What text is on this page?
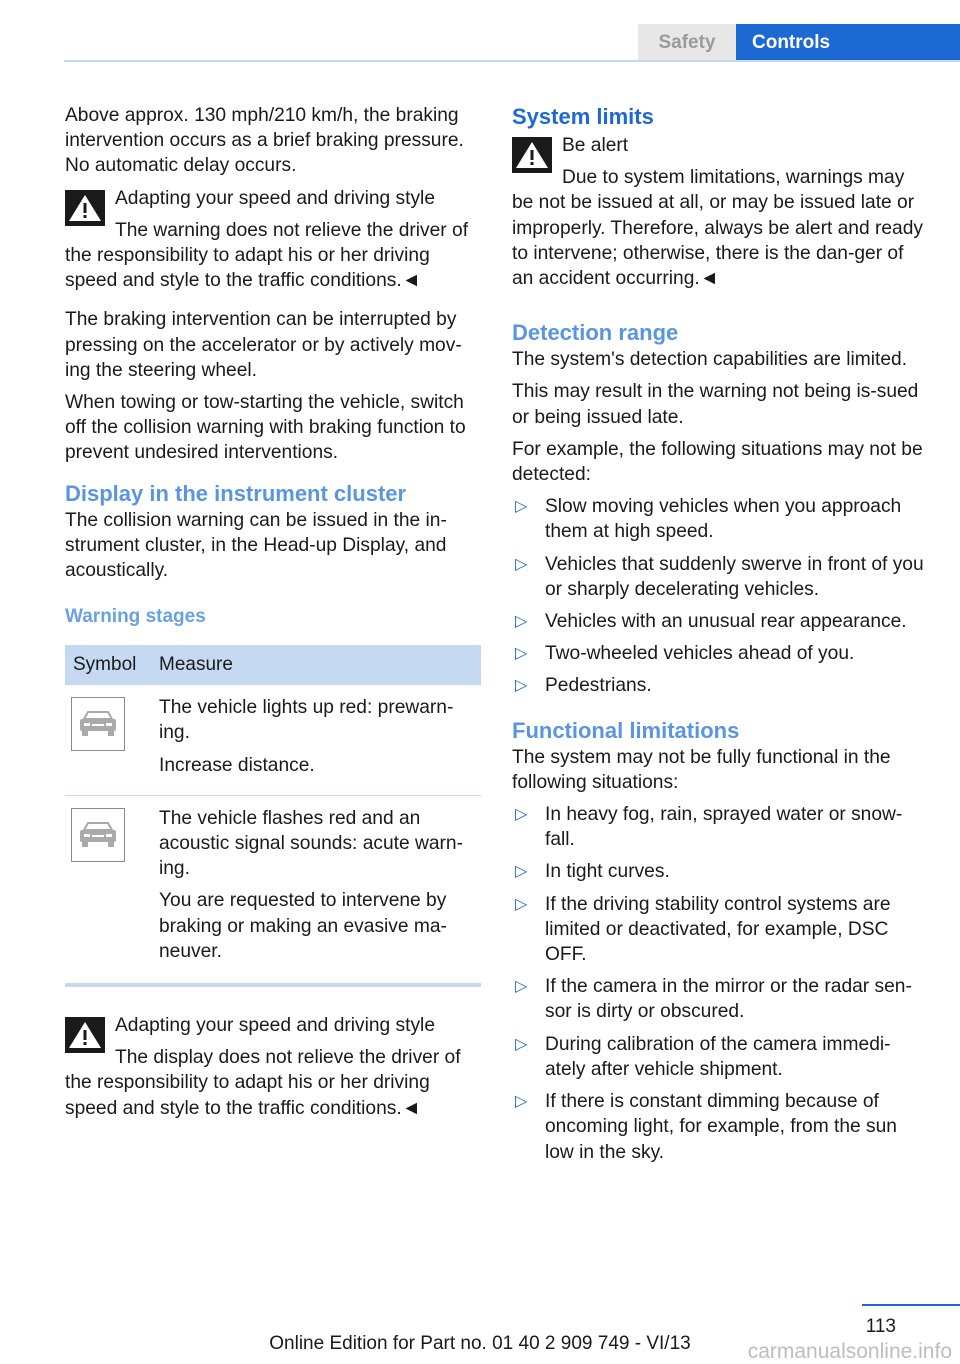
Safety	Controls

Above approx. 130 mph/210 km/h, the braking intervention occurs as a brief braking pressure. No automatic delay occurs.

Adapting your speed and driving style
The warning does not relieve the driver of the responsibility to adapt his or her driving speed and style to the traffic conditions.◄

The braking intervention can be interrupted by pressing on the accelerator or by actively mov‐ing the steering wheel.

When towing or tow-starting the vehicle, switch off the collision warning with braking function to prevent undesired interventions.

Display in the instrument cluster

The collision warning can be issued in the in‐strument cluster, in the Head-up Display, and acoustically.

Warning stages
Symbol	Measure

The vehicle lights up red: prewarn‐ing.

Increase distance.

The vehicle flashes red and an acoustic signal sounds: acute warn‐ing.

You are requested to intervene by braking or making an evasive ma‐neuver.

Adapting your speed and driving style
The display does not relieve the driver of the responsibility to adapt his or her driving speed and style to the traffic conditions.◄
System limits
Be alert
Due to system limitations, warnings may be not be issued at all, or may be issued late or improperly. Therefore, always be alert and ready to intervene; otherwise, there is the dan‐ger of an accident occurring.◄
Detection range

The system's detection capabilities are limited.

This may result in the warning not being is‐sued or being issued late.

For example, the following situations may not be detected:

▷ Slow moving vehicles when you approach them at high speed.
▷ Vehicles that suddenly swerve in front of you or sharply decelerating vehicles.
▷ Vehicles with an unusual rear appearance.
▷ Two-wheeled vehicles ahead of you.
▷ Pedestrians.
Functional limitations

The system may not be fully functional in the following situations:

▷ In heavy fog, rain, sprayed water or snow‐fall.
▷ In tight curves.
▷ If the driving stability control systems are limited or deactivated, for example, DSC OFF.
▷ If the camera in the mirror or the radar sen‐sor is dirty or obscured.
▷ During calibration of the camera immedi‐ately after vehicle shipment.
▷ If there is constant dimming because of oncoming light, for example, from the sun low in the sky.
113
Online Edition for Part no. 01 40 2 909 749 - VI/13	carmanualsonline.info
